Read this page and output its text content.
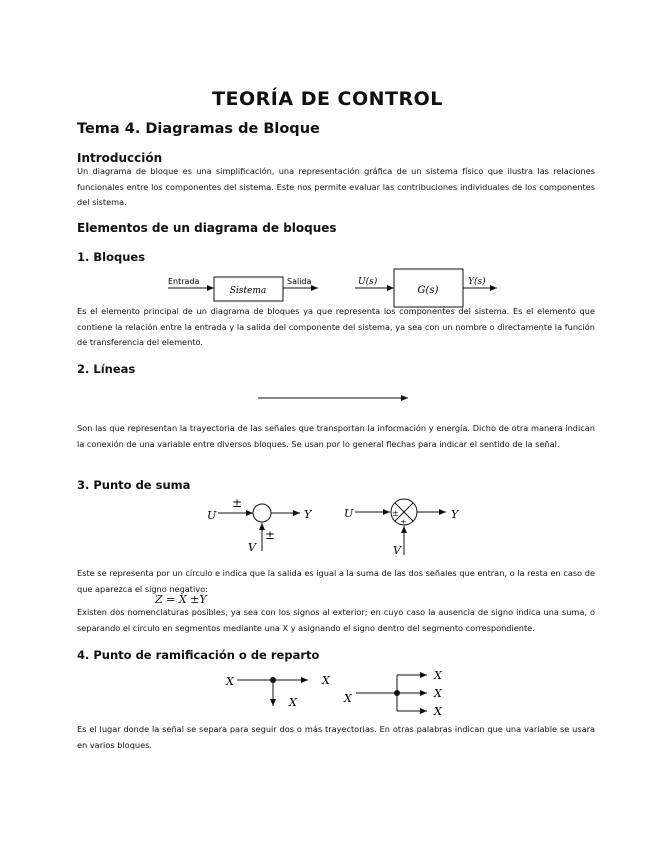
TEORÍA DE CONTROL
Tema 4. Diagramas de Bloque
Introducción
Un diagrama de bloque es una simplificación, una representación gráfica de un sistema físico que ilustra las relaciones funcionales entre los componentes del sistema. Este nos permite evaluar las contribuciones individuales de los componentes del sistema.
Elementos de un diagrama de bloques
1. Bloques
Entrada
Sistema
Salida	U(s)
G(s)
Y(s)
Es el elemento principal de un diagrama de bloques ya que representa los componentes del sistema. Es el elemento que contiene la relación entre la entrada y la salida del componente del sistema, ya sea con un nombre o directamente la función de transferencia del elemento.
2. Líneas
Son las que representan la trayectoria de las señales que transportan la información y energía. Dicho de otra manera indican la conexión de una variable entre diversos bloques. Se usan por lo general flechas para indicar el sentido de la señal.
3. Punto de suma
U
±
Y
V
±
U	±
±
Y
V
Este se representa por un círculo e indica que la salida es igual a la suma de las dos señales que entran, o la resta en caso de que aparezca el signo negativo:
Z = X ±Y
Existen dos nomenclaturas posibles, ya sea con los signos al exterior; en cuyo caso la ausencia de signo indica una suma, o separando el círculo en segmentos mediante una X y asignando el signo dentro del segmento correspondiente.
4. Punto de ramificación o de reparto
X
X
X
X
X
X
X
Es el lugar donde la señal se separa para seguir dos o más trayectorias. En otras palabras indican que una variable se usara en varios bloques.
